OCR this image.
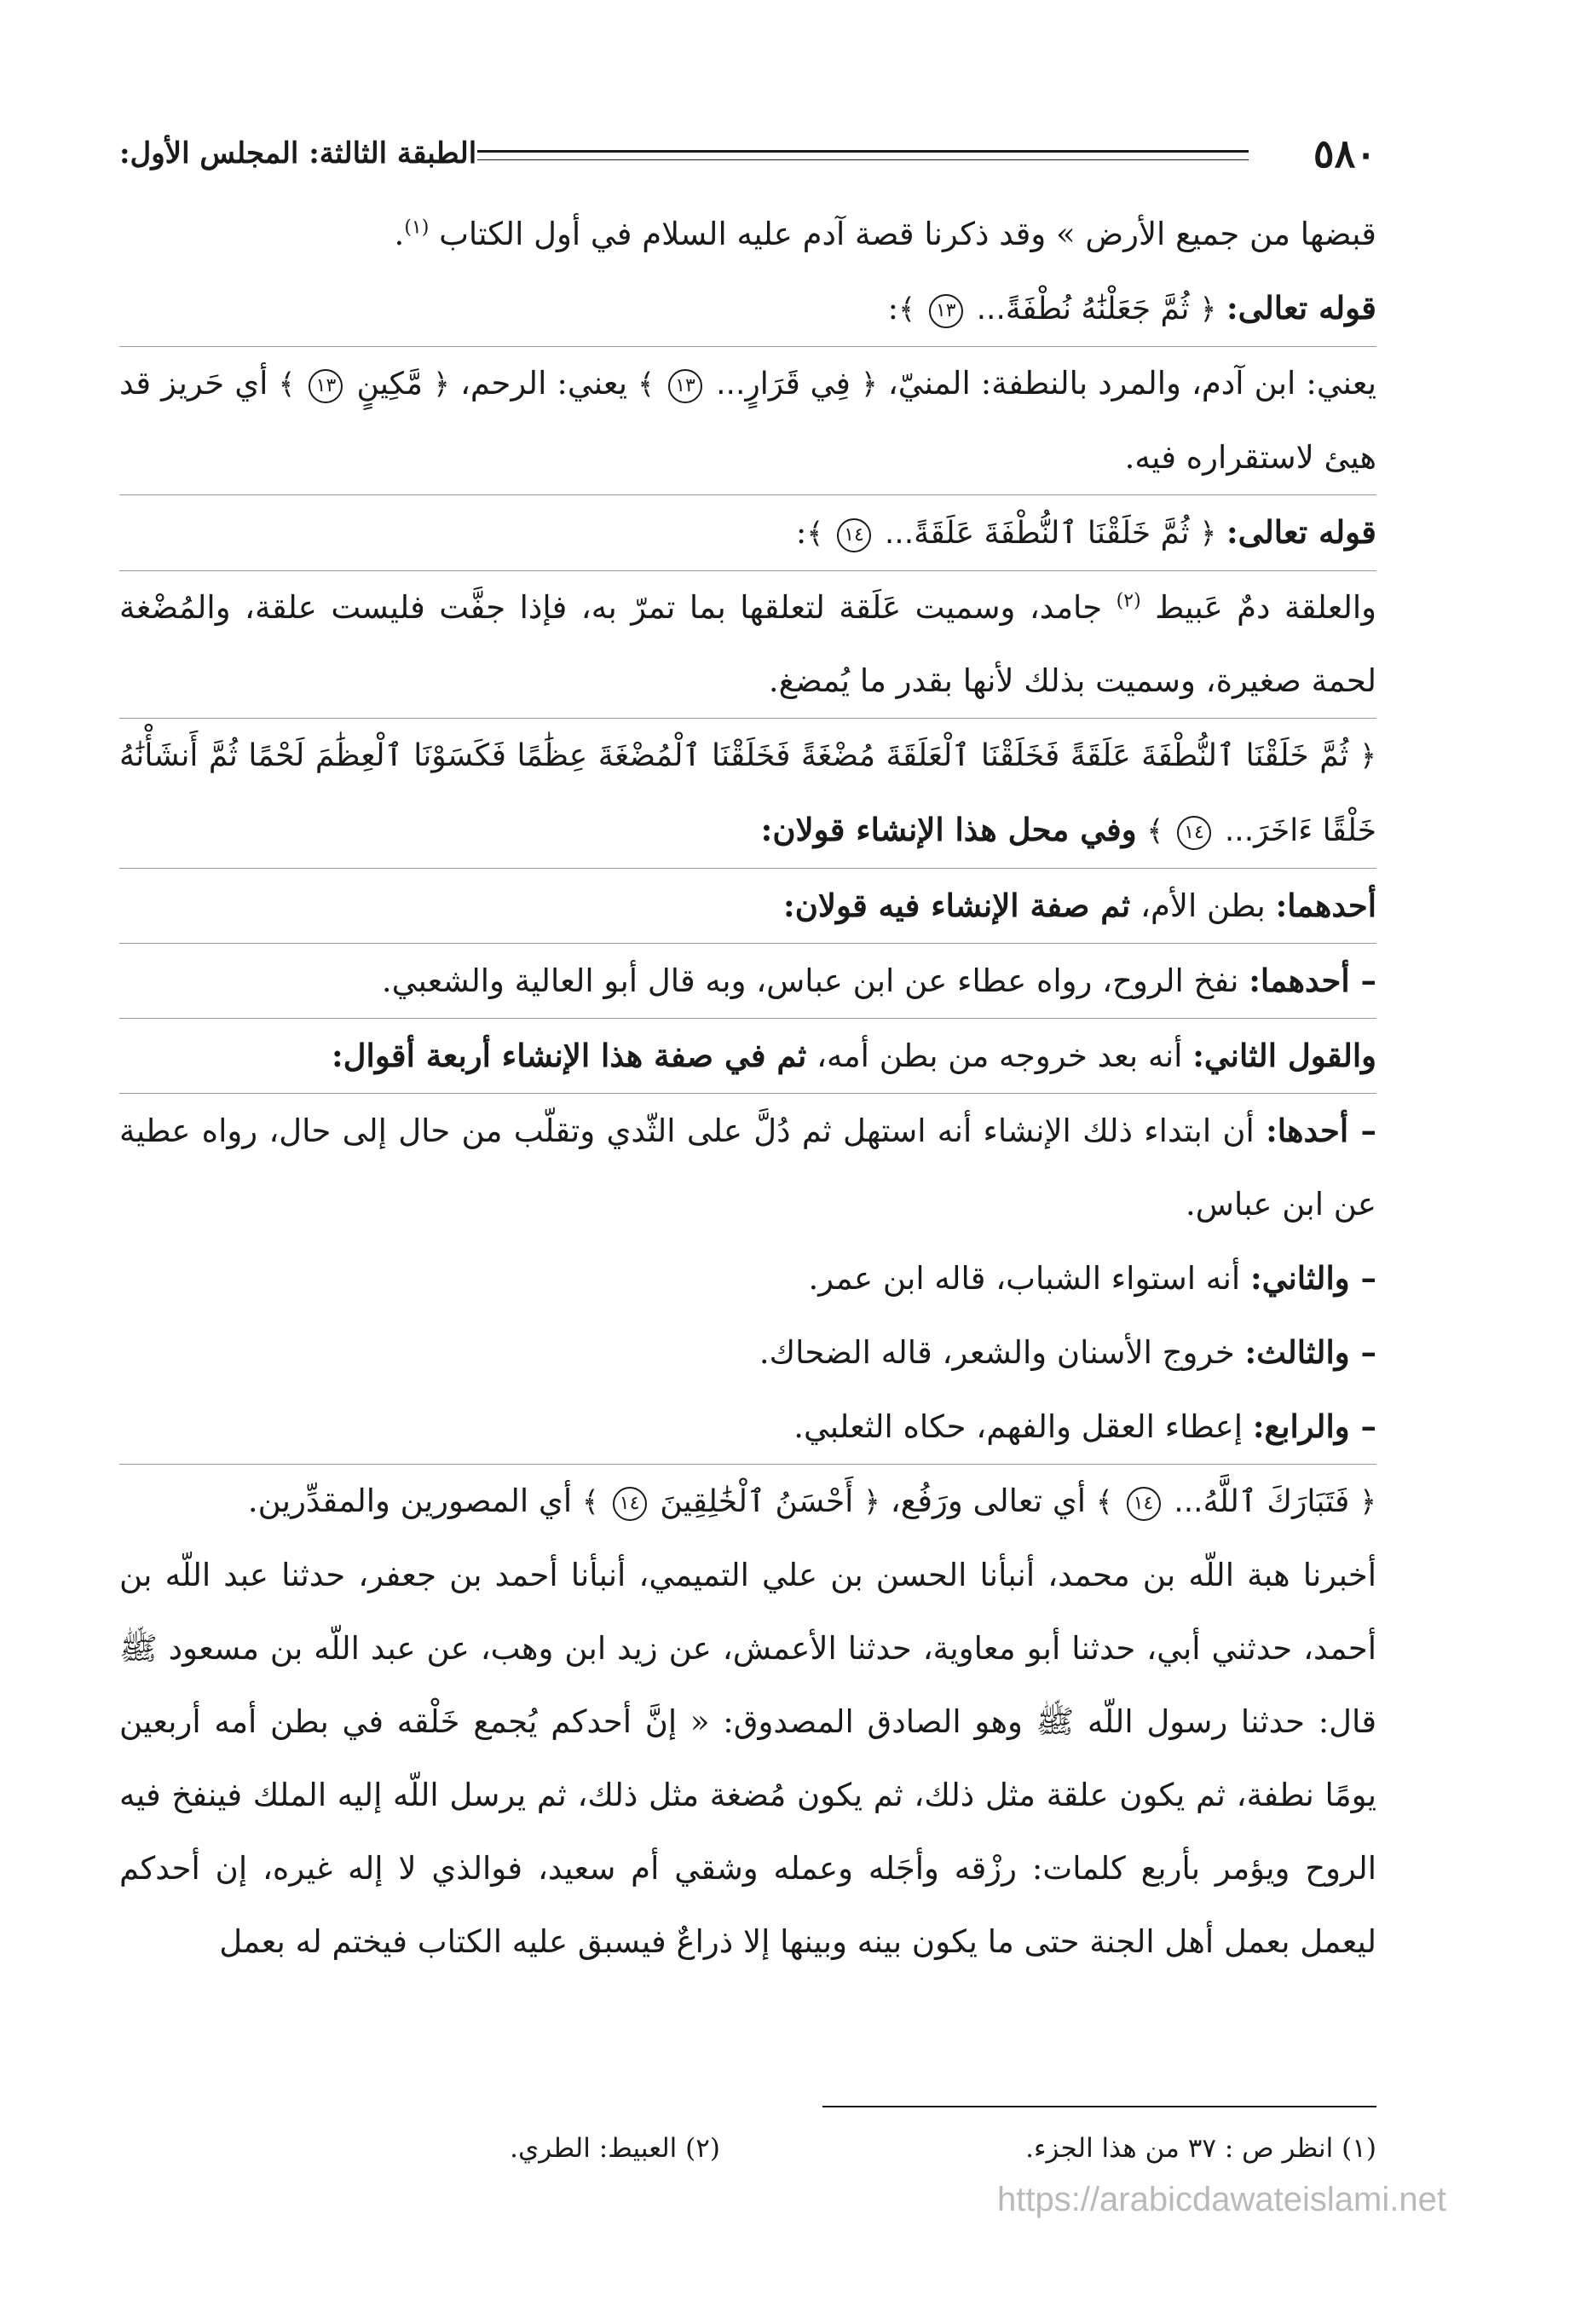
٥٨٠
الطبقة الثالثة: المجلس الأول:

قبضها من جميع الأرض » وقد ذكرنا قصة آدم عليه السلام في أول الكتاب $^{(١)}$.

قوله تعالى: ﴿ ثُمَّ جَعَلْنَٰهُ نُطْفَةً... ١٣ ﴾:

يعني: ابن آدم، والمرد بالنطفة: المنيّ، ﴿ فِي قَرَارٍ... ١٣ ﴾ يعني: الرحم، ﴿ مَّكِينٍ ١٣ ﴾ أي حَريز قد هيئ لاستقراره فيه.

قوله تعالى: ﴿ ثُمَّ خَلَقْنَا ٱلنُّطْفَةَ عَلَقَةً... ١٤ ﴾:

والعلقة دمٌ عَبيط $^{(٢)}$ جامد، وسميت عَلَقة لتعلقها بما تمرّ به، فإذا جفَّت فليست علقة، والمُضْغة لحمة صغيرة، وسميت بذلك لأنها بقدر ما يُمضغ.

﴿ ثُمَّ خَلَقْنَا ٱلنُّطْفَةَ عَلَقَةً فَخَلَقْنَا ٱلْعَلَقَةَ مُضْغَةً فَخَلَقْنَا ٱلْمُضْغَةَ عِظَٰمًا فَكَسَوْنَا ٱلْعِظَٰمَ لَحْمًا ثُمَّ أَنشَأْنَٰهُ خَلْقًا ءَاخَرَ... ١٤ ﴾ وفي محل هذا الإنشاء قولان:

أحدهما: بطن الأم، ثم صفة الإنشاء فيه قولان:

– أحدهما: نفخ الروح، رواه عطاء عن ابن عباس، وبه قال أبو العالية والشعبي.

والقول الثاني: أنه بعد خروجه من بطن أمه، ثم في صفة هذا الإنشاء أربعة أقوال:

– أحدها: أن ابتداء ذلك الإنشاء أنه استهل ثم دُلَّ على الثّدي وتقلّب من حال إلى حال، رواه عطية عن ابن عباس.

– والثاني: أنه استواء الشباب، قاله ابن عمر.

– والثالث: خروج الأسنان والشعر، قاله الضحاك.

– والرابع: إعطاء العقل والفهم، حكاه الثعلبي.

﴿ فَتَبَارَكَ ٱللَّهُ... ١٤ ﴾ أي تعالى ورَفُع، ﴿ أَحْسَنُ ٱلْخَٰلِقِينَ ١٤ ﴾ أي المصورين والمقدِّرين.

أخبرنا هبة اللّه بن محمد، أنبأنا الحسن بن علي التميمي، أنبأنا أحمد بن جعفر، حدثنا عبد اللّه بن أحمد، حدثني أبي، حدثنا أبو معاوية، حدثنا الأعمش، عن زيد ابن وهب، عن عبد اللّه بن مسعود ﷺ قال: حدثنا رسول اللّه ﷺ وهو الصادق المصدوق: « إنَّ أحدكم يُجمع خَلْقه في بطن أمه أربعين يومًا نطفة، ثم يكون علقة مثل ذلك، ثم يكون مُضغة مثل ذلك، ثم يرسل اللّه إليه الملك فينفخ فيه الروح ويؤمر بأربع كلمات: رزْقه وأجَله وعمله وشقي أم سعيد، فوالذي لا إله غيره، إن أحدكم ليعمل بعمل أهل الجنة حتى ما يكون بينه وبينها إلا ذراعٌ فيسبق عليه الكتاب فيختم له بعمل

(١) انظر ص : ٣٧ من هذا الجزء.
(٢) العبيط: الطري.
https://arabicdawateislami.net
